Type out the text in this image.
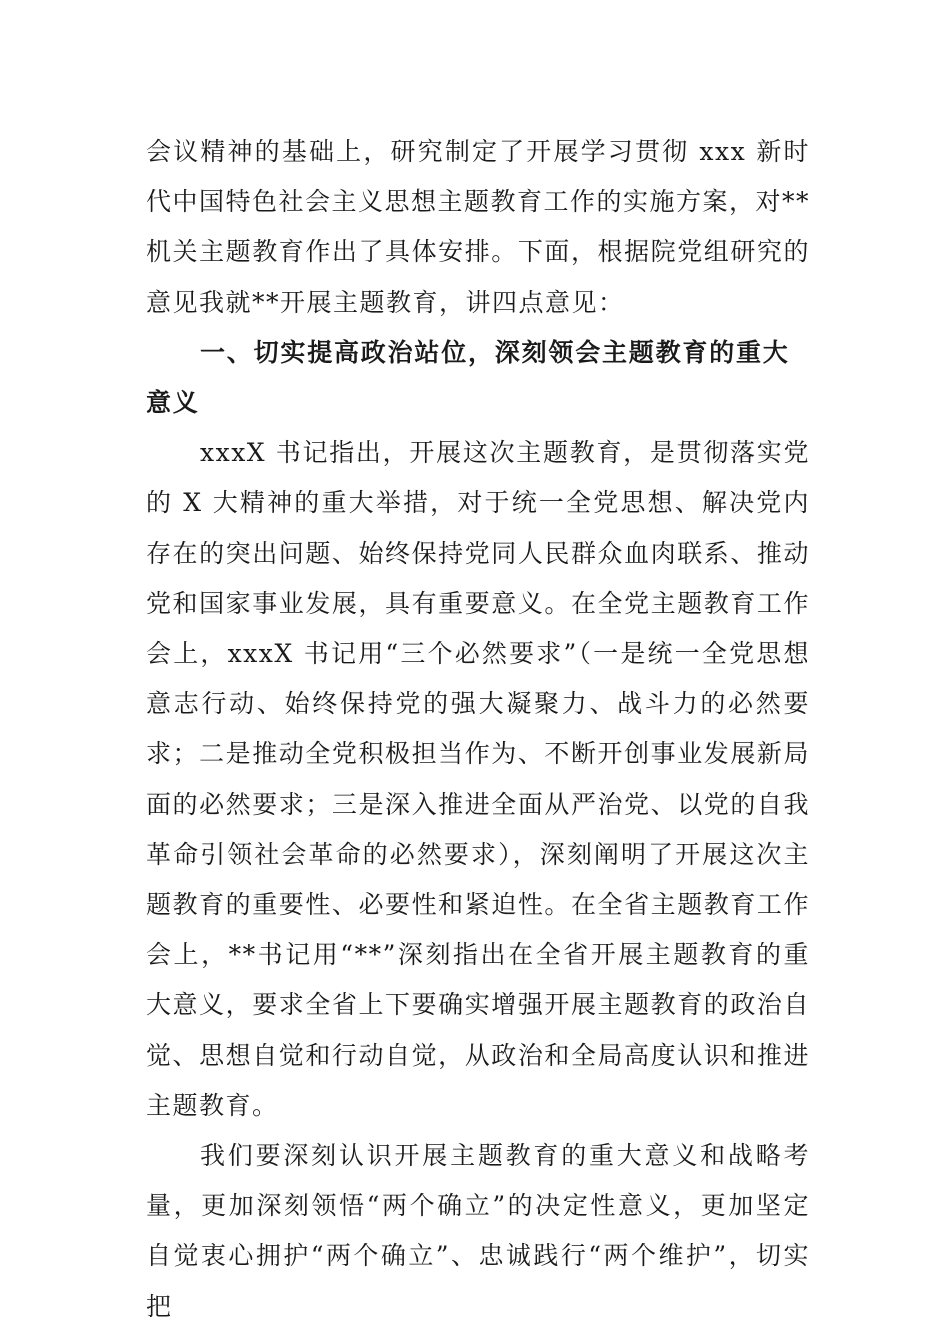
会议精神的基础上，研究制定了开展学习贯彻 xxx 新时代中国特色社会主义思想主题教育工作的实施方案，对**机关主题教育作出了具体安排。下面，根据院党组研究的意见我就**开展主题教育，讲四点意见：

一、切实提高政治站位，深刻领会主题教育的重大意义

xxxX 书记指出，开展这次主题教育，是贯彻落实党的 X 大精神的重大举措，对于统一全党思想、解决党内存在的突出问题、始终保持党同人民群众血肉联系、推动党和国家事业发展，具有重要意义。在全党主题教育工作会上，xxxX 书记用“三个必然要求”（一是统一全党思想意志行动、始终保持党的强大凝聚力、战斗力的必然要求；二是推动全党积极担当作为、不断开创事业发展新局面的必然要求；三是深入推进全面从严治党、以党的自我革命引领社会革命的必然要求），深刻阐明了开展这次主题教育的重要性、必要性和紧迫性。在全省主题教育工作会上，**书记用“**”深刻指出在全省开展主题教育的重大意义，要求全省上下要确实增强开展主题教育的政治自觉、思想自觉和行动自觉，从政治和全局高度认识和推进主题教育。

我们要深刻认识开展主题教育的重大意义和战略考量，更加深刻领悟“两个确立”的决定性意义，更加坚定自觉衷心拥护“两个确立”、忠诚践行“两个维护”，切实把
